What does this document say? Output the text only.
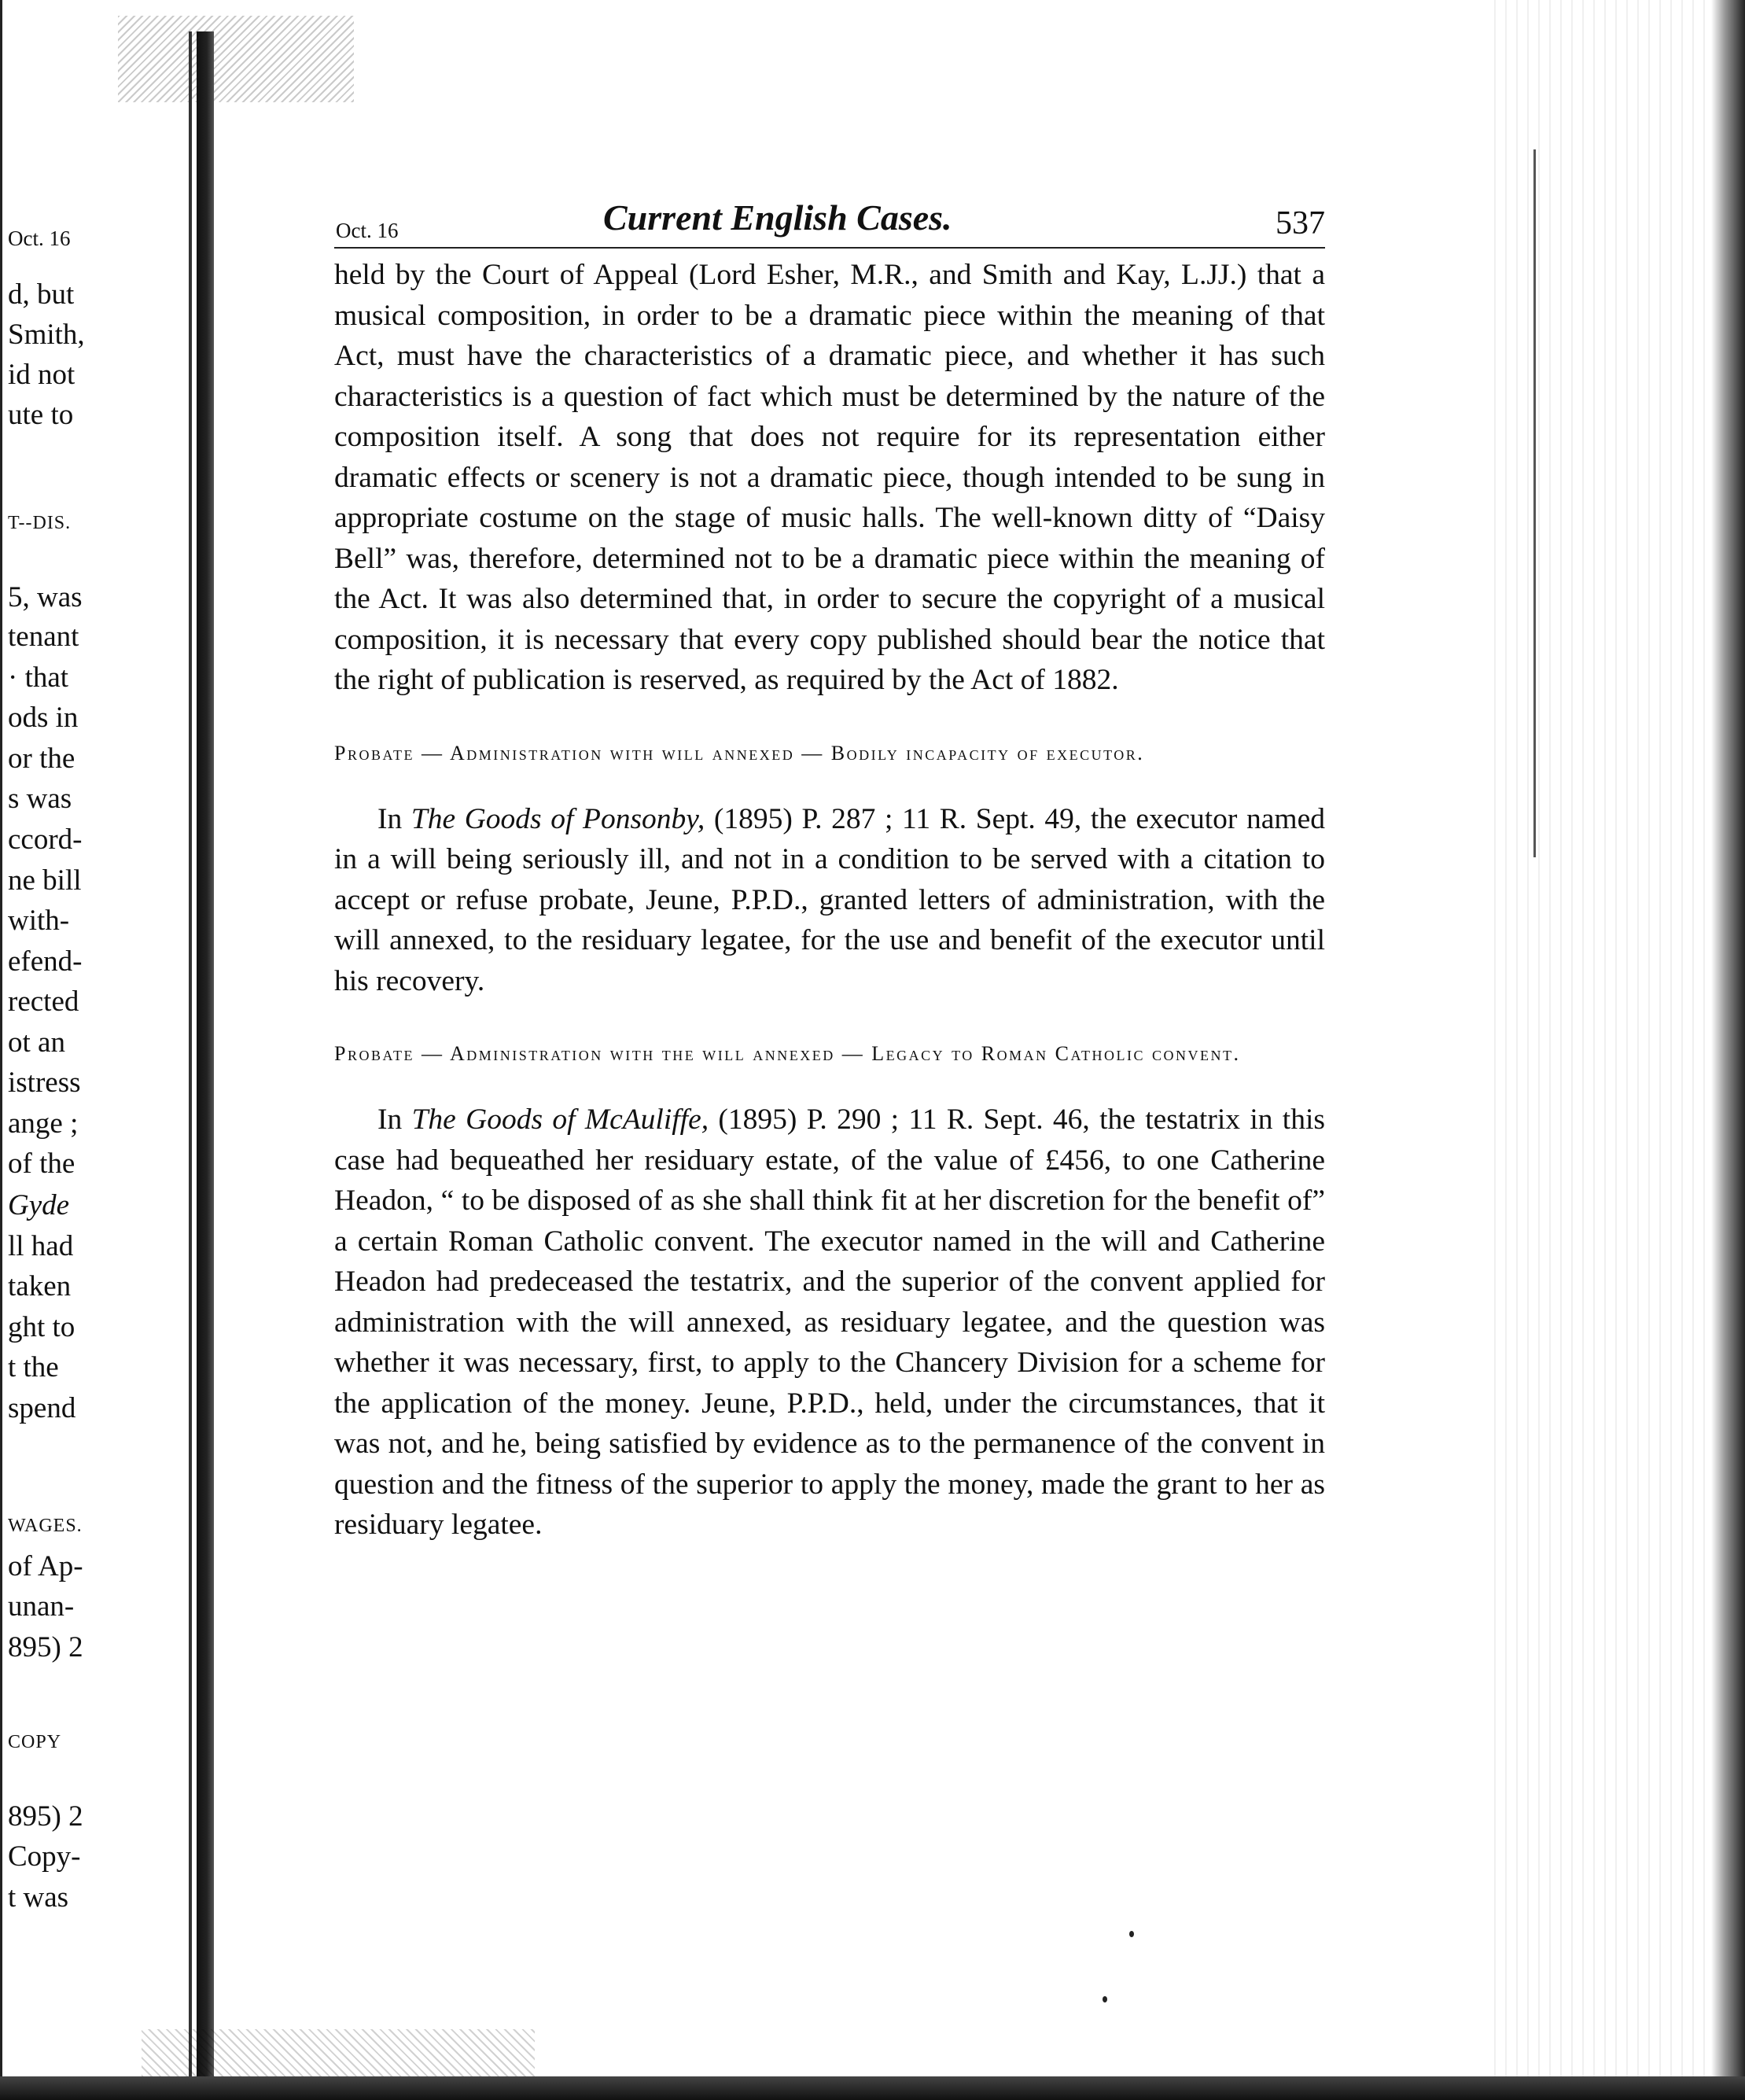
Oct. 16
d, but
Smith,
id not
ute to
T--DIS.
5, was
tenant
· that
ods in
or the
s was
ccord-
ne bill
with-
efend-
rected
ot an
istress
ange ;
of the
Gyde
ll had
taken
ght to
t the
spend
WAGES.
of Ap-
unan-
895) 2
COPY
895) 2
Copy-
t was
Oct. 16	Current English Cases.	537
held by the Court of Appeal (Lord Esher, M.R., and Smith and Kay, L.JJ.) that a musical composition, in order to be a dramatic piece within the meaning of that Act, must have the characteristics of a dramatic piece, and whether it has such characteristics is a question of fact which must be determined by the nature of the composition itself. A song that does not require for its representation either dramatic effects or scenery is not a dramatic piece, though intended to be sung in appropriate costume on the stage of music halls. The well-known ditty of “Daisy Bell” was, therefore, determined not to be a dramatic piece within the meaning of the Act. It was also determined that, in order to secure the copyright of a musical composition, it is necessary that every copy published should bear the notice that the right of publication is reserved, as required by the Act of 1882.
Probate — Administration with will annexed — Bodily incapacity of executor.
In The Goods of Ponsonby, (1895) P. 287 ; 11 R. Sept. 49, the executor named in a will being seriously ill, and not in a condition to be served with a citation to accept or refuse probate, Jeune, P.P.D., granted letters of administration, with the will annexed, to the residuary legatee, for the use and benefit of the executor until his recovery.
Probate — Administration with the will annexed — Legacy to Roman Catholic convent.
In The Goods of McAuliffe, (1895) P. 290 ; 11 R. Sept. 46, the testatrix in this case had bequeathed her residuary estate, of the value of £456, to one Catherine Headon, “ to be disposed of as she shall think fit at her discretion for the benefit of” a certain Roman Catholic convent. The executor named in the will and Catherine Headon had predeceased the testatrix, and the superior of the convent applied for administration with the will annexed, as residuary legatee, and the question was whether it was necessary, first, to apply to the Chancery Division for a scheme for the application of the money. Jeune, P.P.D., held, under the circumstances, that it was not, and he, being satisfied by evidence as to the permanence of the convent in question and the fitness of the superior to apply the money, made the grant to her as residuary legatee.
